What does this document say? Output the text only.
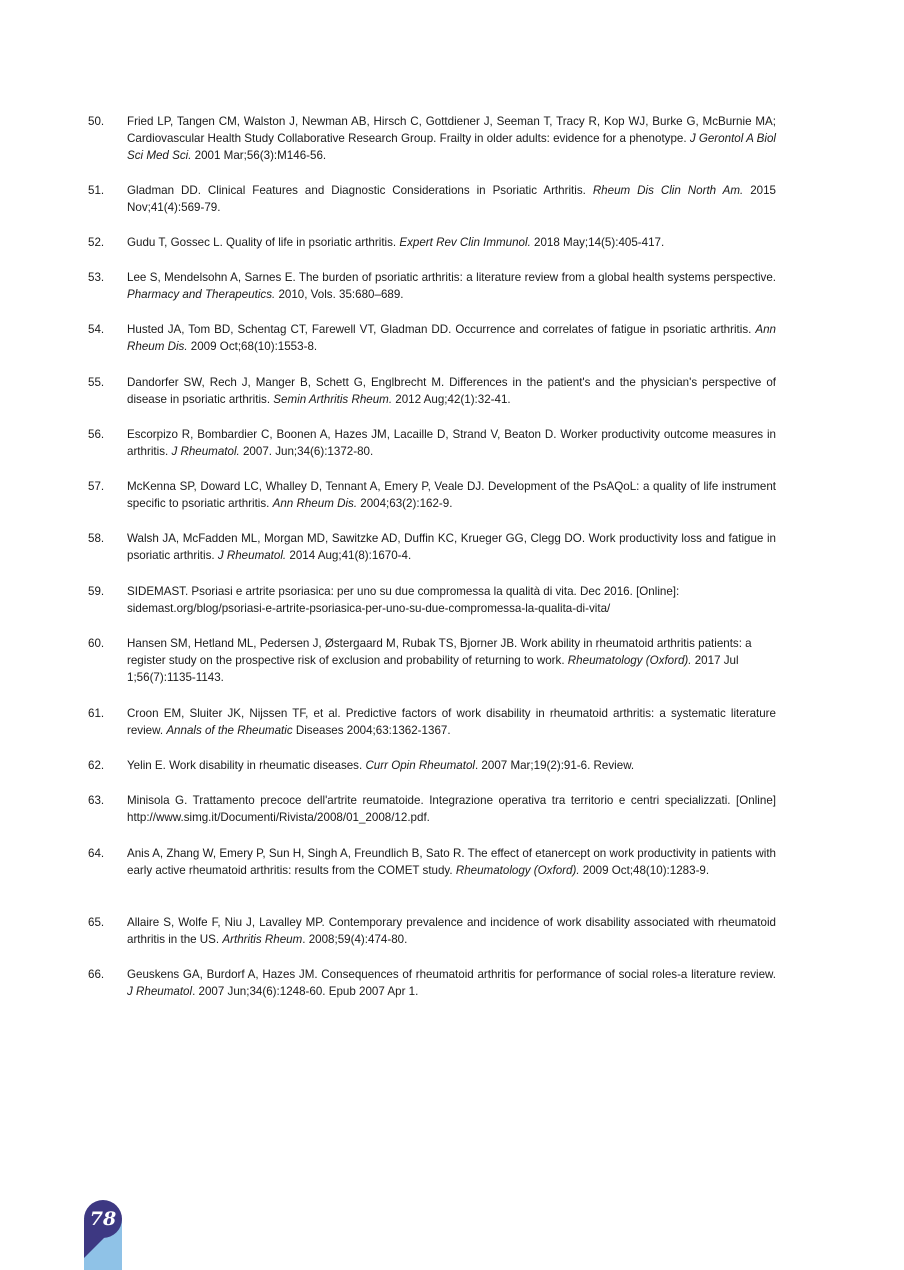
50.	Fried LP, Tangen CM, Walston J, Newman AB, Hirsch C, Gottdiener J, Seeman T, Tracy R, Kop WJ, Burke G, McBurnie MA; Cardiovascular Health Study Collaborative Research Group. Frailty in older adults: evidence for a phenotype. J Gerontol A Biol Sci Med Sci. 2001 Mar;56(3):M146-56.
51.	Gladman DD. Clinical Features and Diagnostic Considerations in Psoriatic Arthritis. Rheum Dis Clin North Am. 2015 Nov;41(4):569-79.
52.	Gudu T, Gossec L. Quality of life in psoriatic arthritis. Expert Rev Clin Immunol. 2018 May;14(5):405-417.
53.	Lee S, Mendelsohn A, Sarnes E. The burden of psoriatic arthritis: a literature review from a global health systems perspective. Pharmacy and Therapeutics. 2010, Vols. 35:680–689.
54.	Husted JA, Tom BD, Schentag CT, Farewell VT, Gladman DD. Occurrence and correlates of fatigue in psoriatic arthritis. Ann Rheum Dis. 2009 Oct;68(10):1553-8.
55.	Dandorfer SW, Rech J, Manger B, Schett G, Englbrecht M. Differences in the patient's and the physician's perspective of disease in psoriatic arthritis. Semin Arthritis Rheum. 2012 Aug;42(1):32-41.
56.	Escorpizo R, Bombardier C, Boonen A, Hazes JM, Lacaille D, Strand V, Beaton D. Worker productivity outcome measures in arthritis. J Rheumatol. 2007. Jun;34(6):1372-80.
57.	McKenna SP, Doward LC, Whalley D, Tennant A, Emery P, Veale DJ. Development of the PsAQoL: a quality of life instrument specific to psoriatic arthritis. Ann Rheum Dis. 2004;63(2):162-9.
58.	Walsh JA, McFadden ML, Morgan MD, Sawitzke AD, Duffin KC, Krueger GG, Clegg DO. Work productivity loss and fatigue in psoriatic arthritis. J Rheumatol. 2014 Aug;41(8):1670-4.
59.	SIDEMAST. Psoriasi e artrite psoriasica: per uno su due compromessa la qualità di vita. Dec 2016. [Online]: sidemast.org/blog/psoriasi-e-artrite-psoriasica-per-uno-su-due-compromessa-la-qualita-di-vita/
60.	Hansen SM, Hetland ML, Pedersen J, Østergaard M, Rubak TS, Bjorner JB. Work ability in rheumatoid arthritis patients: a register study on the prospective risk of exclusion and probability of returning to work. Rheumatology (Oxford). 2017 Jul 1;56(7):1135-1143.
61.	Croon EM, Sluiter JK, Nijssen TF, et al. Predictive factors of work disability in rheumatoid arthritis: a systematic literature review. Annals of the Rheumatic Diseases 2004;63:1362-1367.
62.	Yelin E. Work disability in rheumatic diseases. Curr Opin Rheumatol. 2007 Mar;19(2):91-6. Review.
63.	Minisola G. Trattamento precoce dell'artrite reumatoide. Integrazione operativa tra territorio e centri specializzati. [Online] http://www.simg.it/Documenti/Rivista/2008/01_2008/12.pdf.
64.	Anis A, Zhang W, Emery P, Sun H, Singh A, Freundlich B, Sato R. The effect of etanercept on work productivity in patients with early active rheumatoid arthritis: results from the COMET study. Rheumatology (Oxford). 2009 Oct;48(10):1283-9.
65.	Allaire S, Wolfe F, Niu J, Lavalley MP. Contemporary prevalence and incidence of work disability associated with rheumatoid arthritis in the US. Arthritis Rheum. 2008;59(4):474-80.
66.	Geuskens GA, Burdorf A, Hazes JM. Consequences of rheumatoid arthritis for performance of social roles-a literature review. J Rheumatol. 2007 Jun;34(6):1248-60. Epub 2007 Apr 1.
78
